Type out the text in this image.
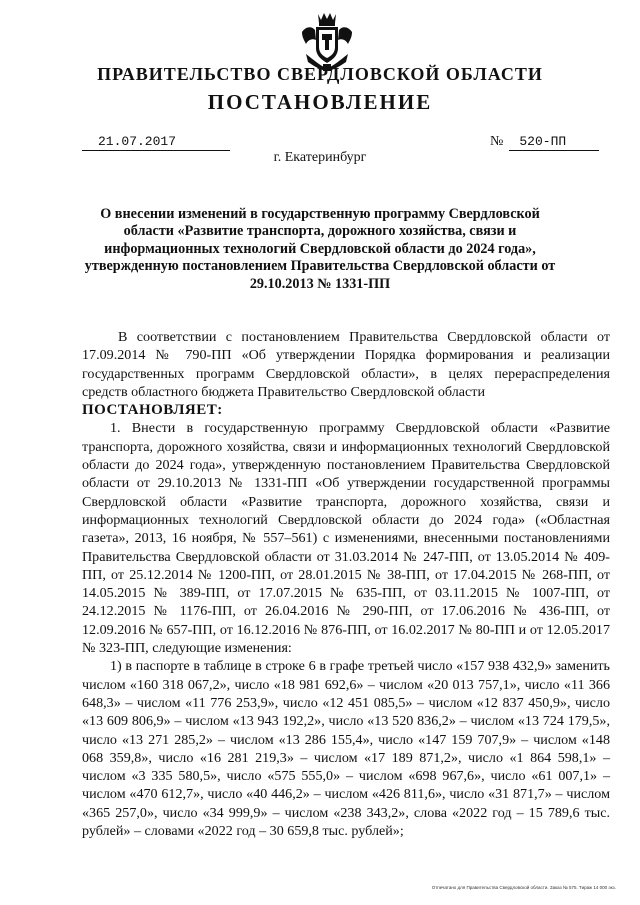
ПРАВИТЕЛЬСТВО СВЕРДЛОВСКОЙ ОБЛАСТИ
ПОСТАНОВЛЕНИЕ
21.07.2017	№ 520-ПП
г. Екатеринбург
О внесении изменений в государственную программу Свердловской области «Развитие транспорта, дорожного хозяйства, связи и информационных технологий Свердловской области до 2024 года», утвержденную постановлением Правительства Свердловской области от 29.10.2013 № 1331-ПП

В соответствии с постановлением Правительства Свердловской области от 17.09.2014 № 790-ПП «Об утверждении Порядка формирования и реализации государственных программ Свердловской области», в целях перераспределения средств областного бюджета Правительство Свердловской области

ПОСТАНОВЛЯЕТ:

1. Внести в государственную программу Свердловской области «Развитие транспорта, дорожного хозяйства, связи и информационных технологий Свердловской области до 2024 года», утвержденную постановлением Правительства Свердловской области от 29.10.2013 № 1331-ПП «Об утверждении государственной программы Свердловской области «Развитие транспорта, дорожного хозяйства, связи и информационных технологий Свердловской области до 2024 года» («Областная газета», 2013, 16 ноября, № 557–561) с изменениями, внесенными постановлениями Правительства Свердловской области от 31.03.2014 № 247-ПП, от 13.05.2014 № 409-ПП, от 25.12.2014 № 1200-ПП, от 28.01.2015 № 38-ПП, от 17.04.2015 № 268-ПП, от 14.05.2015 № 389-ПП, от 17.07.2015 № 635-ПП, от 03.11.2015 № 1007-ПП, от 24.12.2015 № 1176-ПП, от 26.04.2016 № 290-ПП, от 17.06.2016 № 436-ПП, от 12.09.2016 № 657-ПП, от 16.12.2016 № 876-ПП, от 16.02.2017 № 80-ПП и от 12.05.2017 № 323-ПП, следующие изменения:

1) в паспорте в таблице в строке 6 в графе третьей число «157 938 432,9» заменить числом «160 318 067,2», число «18 981 692,6» – числом «20 013 757,1», число «11 366 648,3» – числом «11 776 253,9», число «12 451 085,5» – числом «12 837 450,9», число «13 609 806,9» – числом «13 943 192,2», число «13 520 836,2» – числом «13 724 179,5», число «13 271 285,2» – числом «13 286 155,4», число «147 159 707,9» – числом «148 068 359,8», число «16 281 219,3» – числом «17 189 871,2», число «1 864 598,1» – числом «3 335 580,5», число «575 555,0» – числом «698 967,6», число «61 007,1» – числом «470 612,7», число «40 446,2» – числом «426 811,6», число «31 871,7» – числом «365 257,0», число «34 999,9» – числом «238 343,2», слова «2022 год – 15 789,6 тыс. рублей» – словами «2022 год – 30 659,8 тыс. рублей»;

Отпечатано для Правительства Свердловской области. Заказ № 575. Тираж 14 000 экз.
